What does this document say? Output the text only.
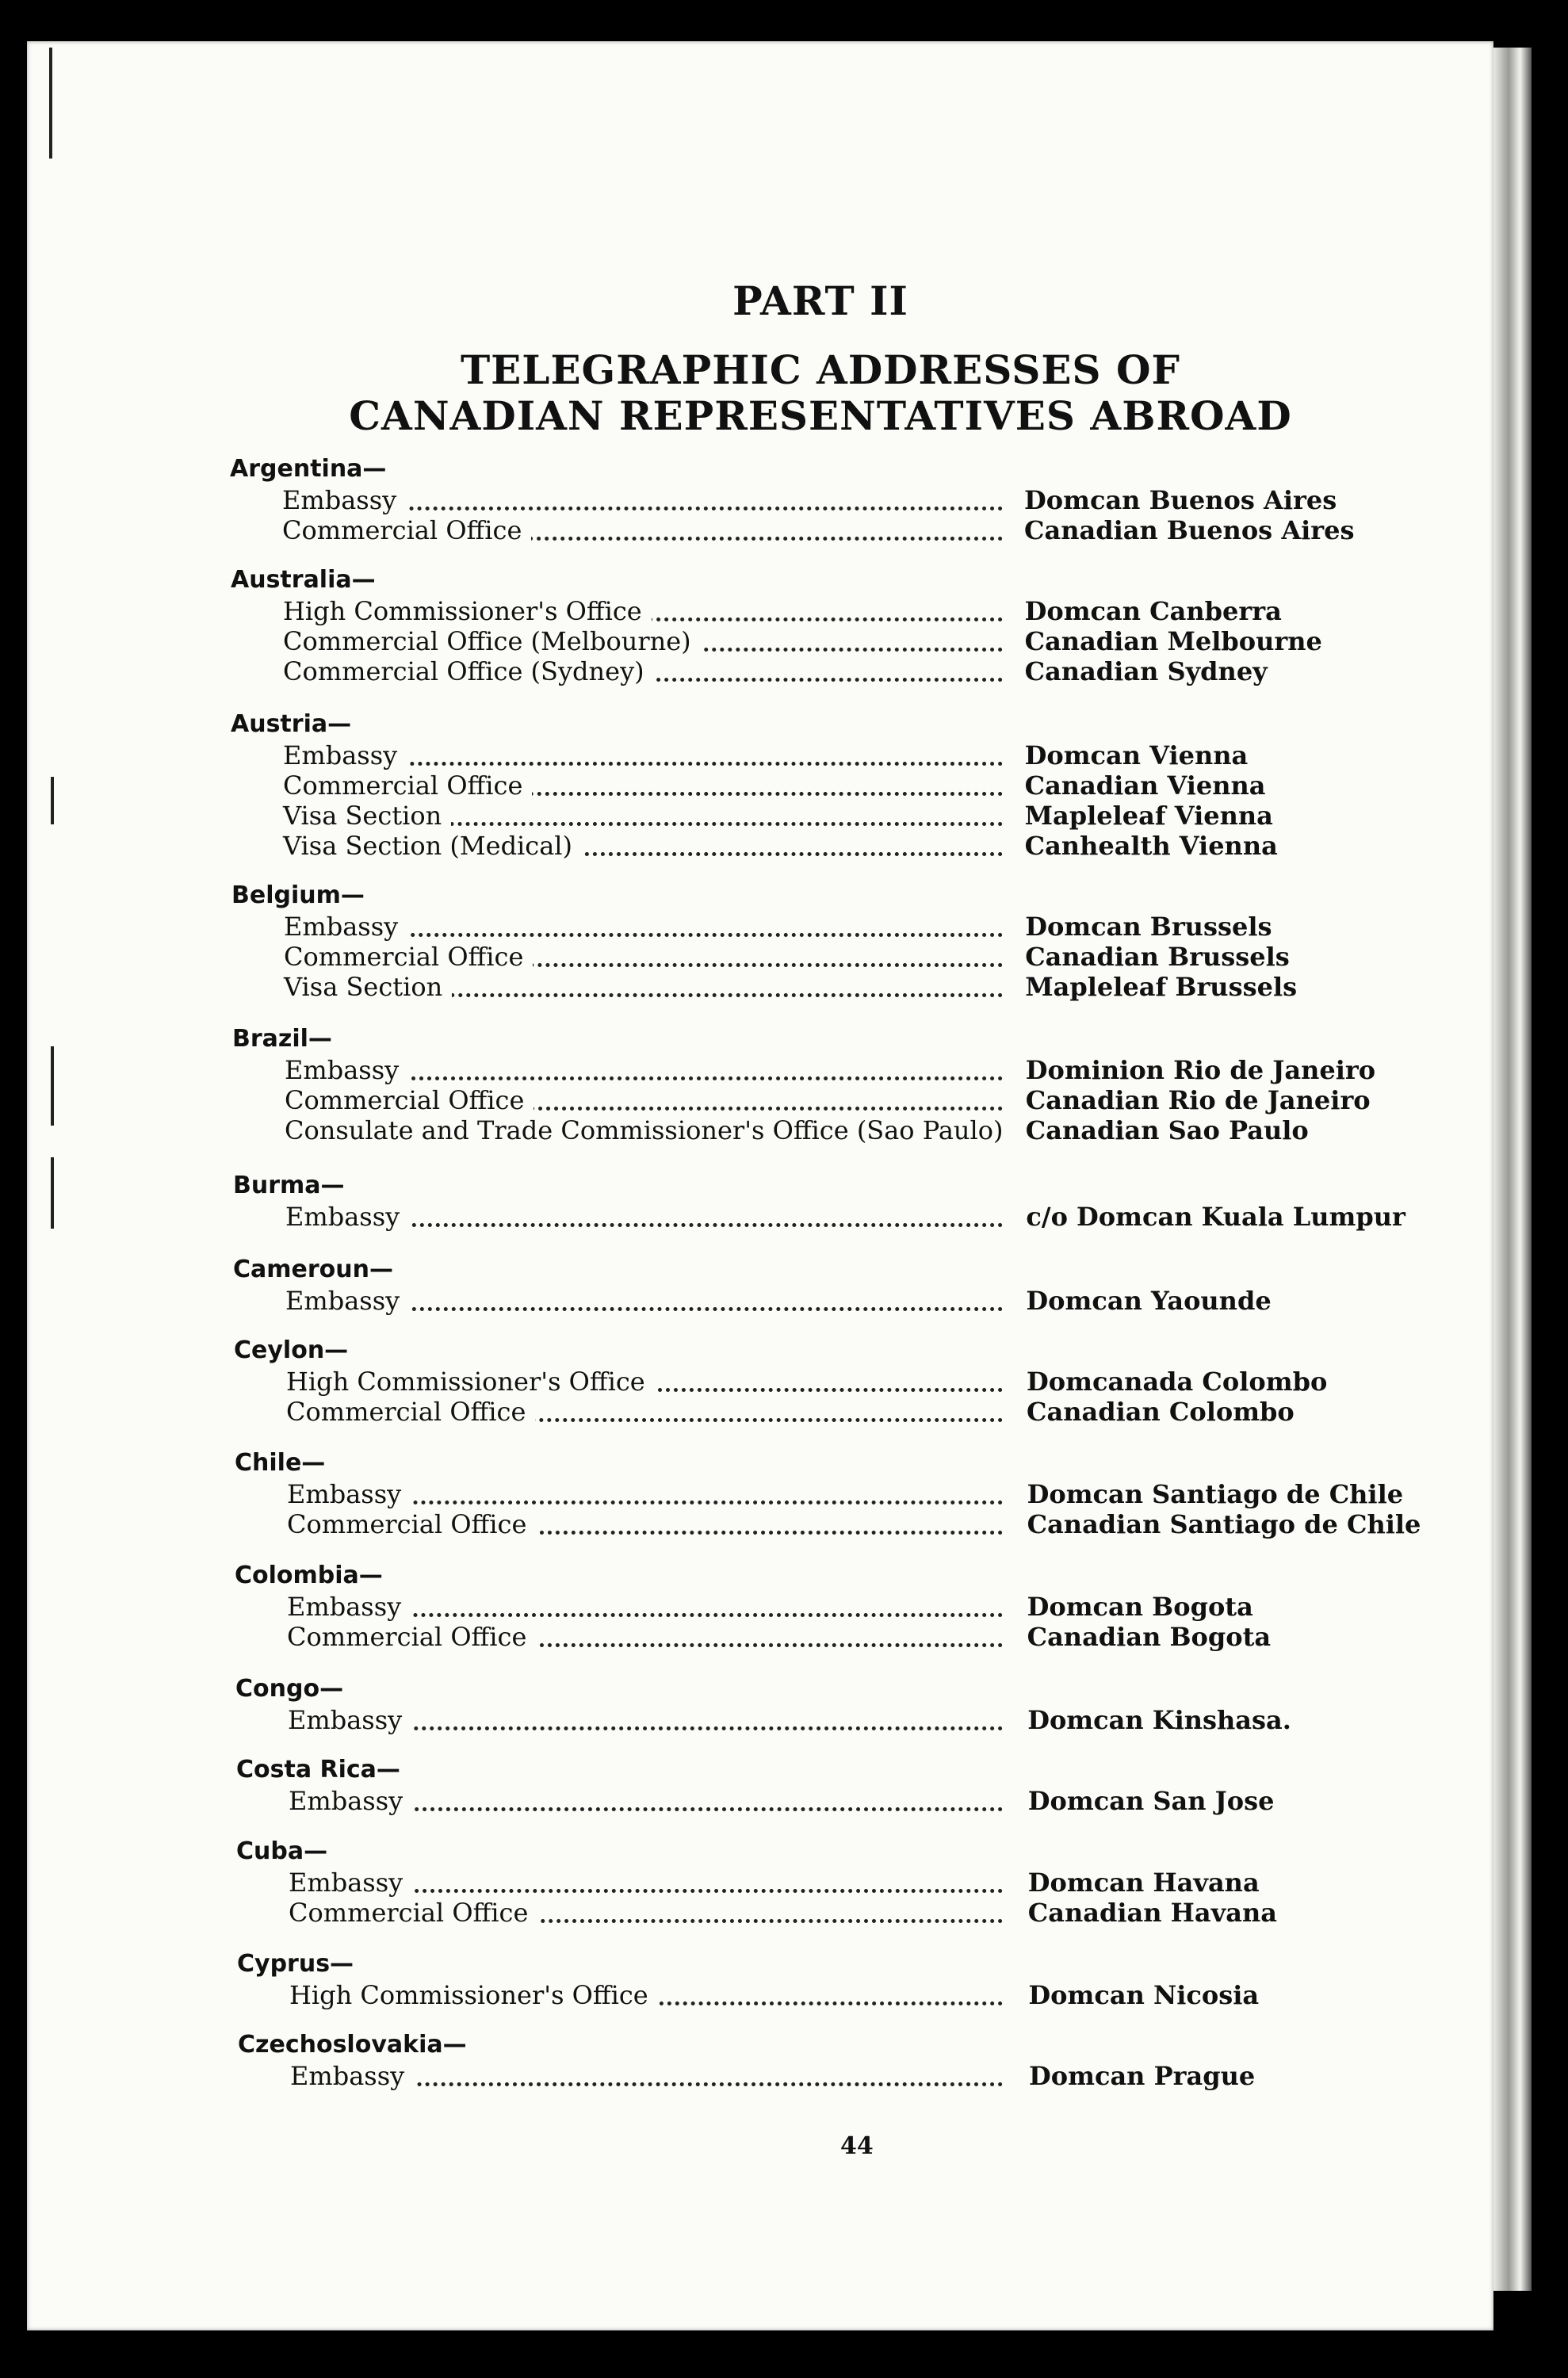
PART II
TELEGRAPHIC ADDRESSES OF
CANADIAN REPRESENTATIVES ABROAD
Argentina—
Embassy	Domcan Buenos Aires
Commercial Office	Canadian Buenos Aires
Australia—
High Commissioner's Office	Domcan Canberra
Commercial Office (Melbourne)	Canadian Melbourne
Commercial Office (Sydney)	Canadian Sydney
Austria—
Embassy	Domcan Vienna
Commercial Office	Canadian Vienna
Visa Section	Mapleleaf Vienna
Visa Section (Medical)	Canhealth Vienna
Belgium—
Embassy	Domcan Brussels
Commercial Office	Canadian Brussels
Visa Section	Mapleleaf Brussels
Brazil—
Embassy	Dominion Rio de Janeiro
Commercial Office	Canadian Rio de Janeiro
Consulate and Trade Commissioner's Office (Sao Paulo) Canadian Sao Paulo
Burma—
Embassy	c/o Domcan Kuala Lumpur
Cameroun—
Embassy	Domcan Yaounde
Ceylon—
High Commissioner's Office	Domcanada Colombo
Commercial Office	Canadian Colombo
Chile—
Embassy	Domcan Santiago de Chile
Commercial Office	Canadian Santiago de Chile
Colombia—
Embassy	Domcan Bogota
Commercial Office	Canadian Bogota
Congo—
Embassy	Domcan Kinshasa.
Costa Rica—
Embassy	Domcan San Jose
Cuba—
Embassy	Domcan Havana
Commercial Office	Canadian Havana
Cyprus—
High Commissioner's Office	Domcan Nicosia
Czechoslovakia—
Embassy	Domcan Prague
44
